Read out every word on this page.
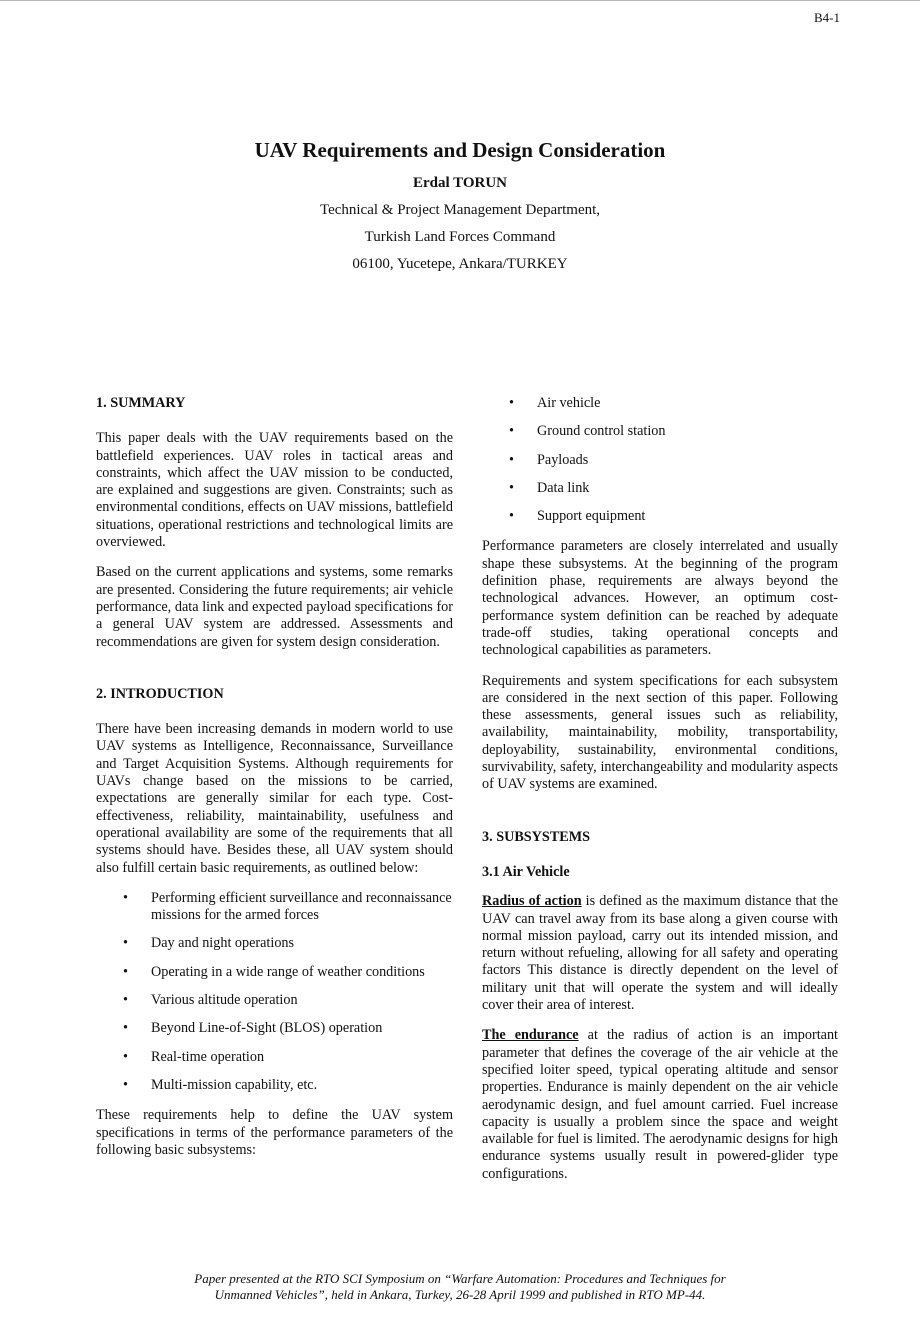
B4-1
UAV Requirements and Design Consideration
Erdal TORUN
Technical & Project Management Department,
Turkish Land Forces Command
06100, Yucetepe, Ankara/TURKEY
1. SUMMARY

This paper deals with the UAV requirements based on the battlefield experiences. UAV roles in tactical areas and constraints, which affect the UAV mission to be conducted, are explained and suggestions are given. Constraints; such as environmental conditions, effects on UAV missions, battlefield situations, operational restrictions and technological limits are overviewed.

Based on the current applications and systems, some remarks are presented. Considering the future requirements; air vehicle performance, data link and expected payload specifications for a general UAV system are addressed. Assessments and recommendations are given for system design consideration.

2. INTRODUCTION

There have been increasing demands in modern world to use UAV systems as Intelligence, Reconnaissance, Surveillance and Target Acquisition Systems. Although requirements for UAVs change based on the missions to be carried, expectations are generally similar for each type. Cost-effectiveness, reliability, maintainability, usefulness and operational availability are some of the requirements that all systems should have. Besides these, all UAV system should also fulfill certain basic requirements, as outlined below:

• Performing efficient surveillance and reconnaissance missions for the armed forces
• Day and night operations
• Operating in a wide range of weather conditions
• Various altitude operation
• Beyond Line-of-Sight (BLOS) operation
• Real-time operation
• Multi-mission capability, etc.

These requirements help to define the UAV system specifications in terms of the performance parameters of the following basic subsystems:

• Air vehicle
• Ground control station
• Payloads
• Data link
• Support equipment

Performance parameters are closely interrelated and usually shape these subsystems. At the beginning of the program definition phase, requirements are always beyond the technological advances. However, an optimum cost-performance system definition can be reached by adequate trade-off studies, taking operational concepts and technological capabilities as parameters.

Requirements and system specifications for each subsystem are considered in the next section of this paper. Following these assessments, general issues such as reliability, availability, maintainability, mobility, transportability, deployability, sustainability, environmental conditions, survivability, safety, interchangeability and modularity aspects of UAV systems are examined.

3. SUBSYSTEMS
3.1 Air Vehicle

Radius of action is defined as the maximum distance that the UAV can travel away from its base along a given course with normal mission payload, carry out its intended mission, and return without refueling, allowing for all safety and operating factors This distance is directly dependent on the level of military unit that will operate the system and will ideally cover their area of interest.

The endurance at the radius of action is an important parameter that defines the coverage of the air vehicle at the specified loiter speed, typical operating altitude and sensor properties. Endurance is mainly dependent on the air vehicle aerodynamic design, and fuel amount carried. Fuel increase capacity is usually a problem since the space and weight available for fuel is limited. The aerodynamic designs for high endurance systems usually result in powered-glider type configurations.

Paper presented at the RTO SCI Symposium on “Warfare Automation: Procedures and Techniques for
Unmanned Vehicles”, held in Ankara, Turkey, 26-28 April 1999 and published in RTO MP-44.
